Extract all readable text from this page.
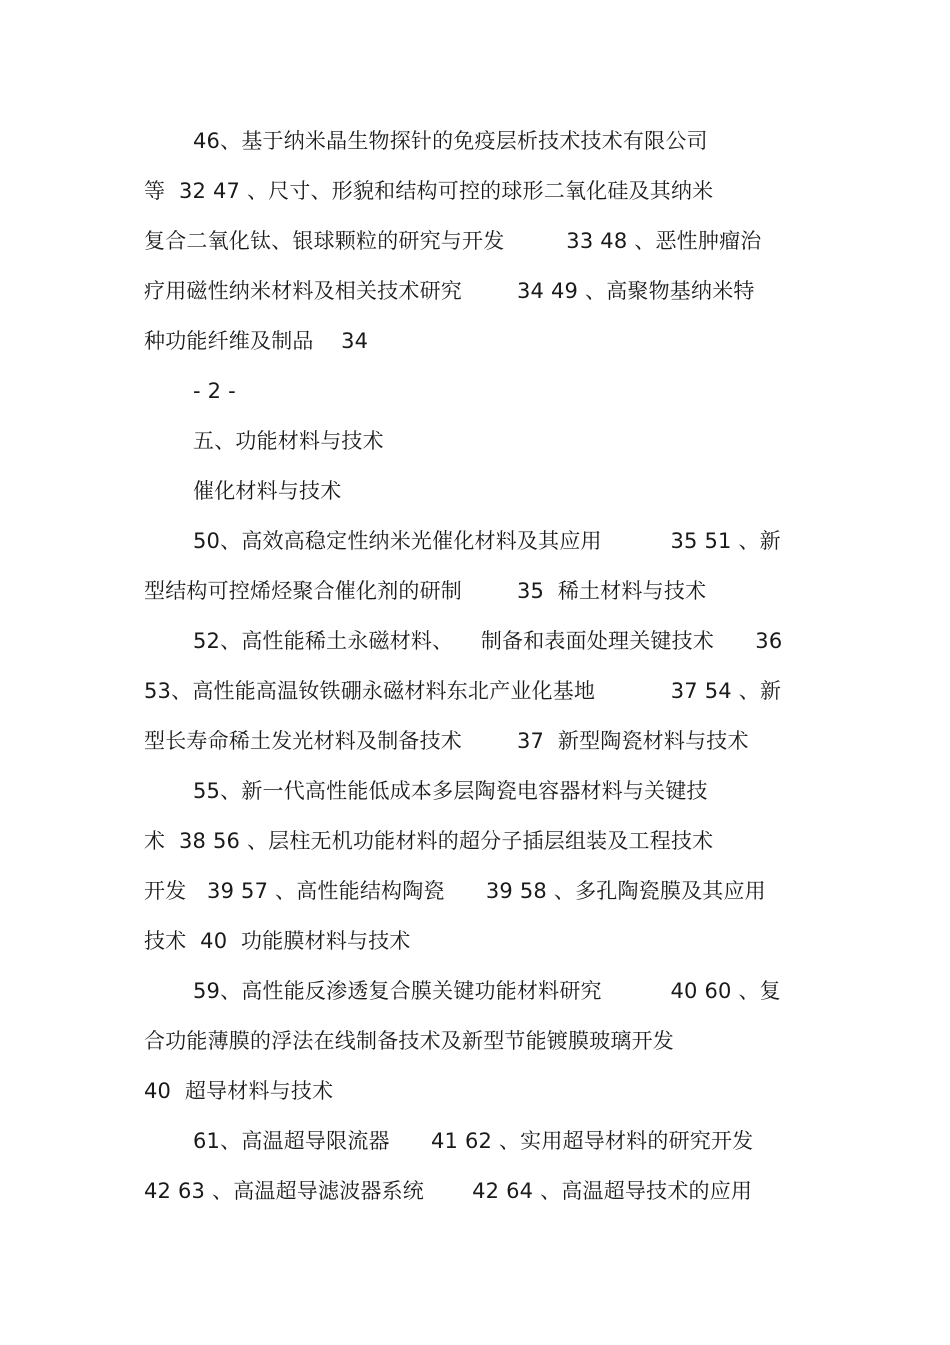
46、基于纳米晶生物探针的免疫层析技术技术有限公司
等  32 47 、尺寸、形貌和结构可控的球形二氧化硅及其纳米
复合二氧化钛、银球颗粒的研究与开发         33 48 、恶性肿瘤治
疗用磁性纳米材料及相关技术研究        34 49 、高聚物基纳米特
种功能纤维及制品    34
- 2 -
五、功能材料与技术
催化材料与技术
50、高效高稳定性纳米光催化材料及其应用          35 51 、新
型结构可控烯烃聚合催化剂的研制        35  稀土材料与技术
52、高性能稀土永磁材料、    制备和表面处理关键技术      36
53、高性能高温钕铁硼永磁材料东北产业化基地           37 54 、新
型长寿命稀土发光材料及制备技术        37  新型陶瓷材料与技术
55、新一代高性能低成本多层陶瓷电容器材料与关键技
术  38 56 、层柱无机功能材料的超分子插层组装及工程技术
开发   39 57 、高性能结构陶瓷      39 58 、多孔陶瓷膜及其应用
技术  40  功能膜材料与技术
59、高性能反渗透复合膜关键功能材料研究          40 60 、复
合功能薄膜的浮法在线制备技术及新型节能镀膜玻璃开发
40  超导材料与技术
61、高温超导限流器      41 62 、实用超导材料的研究开发
42 63 、高温超导滤波器系统       42 64 、高温超导技术的应用
